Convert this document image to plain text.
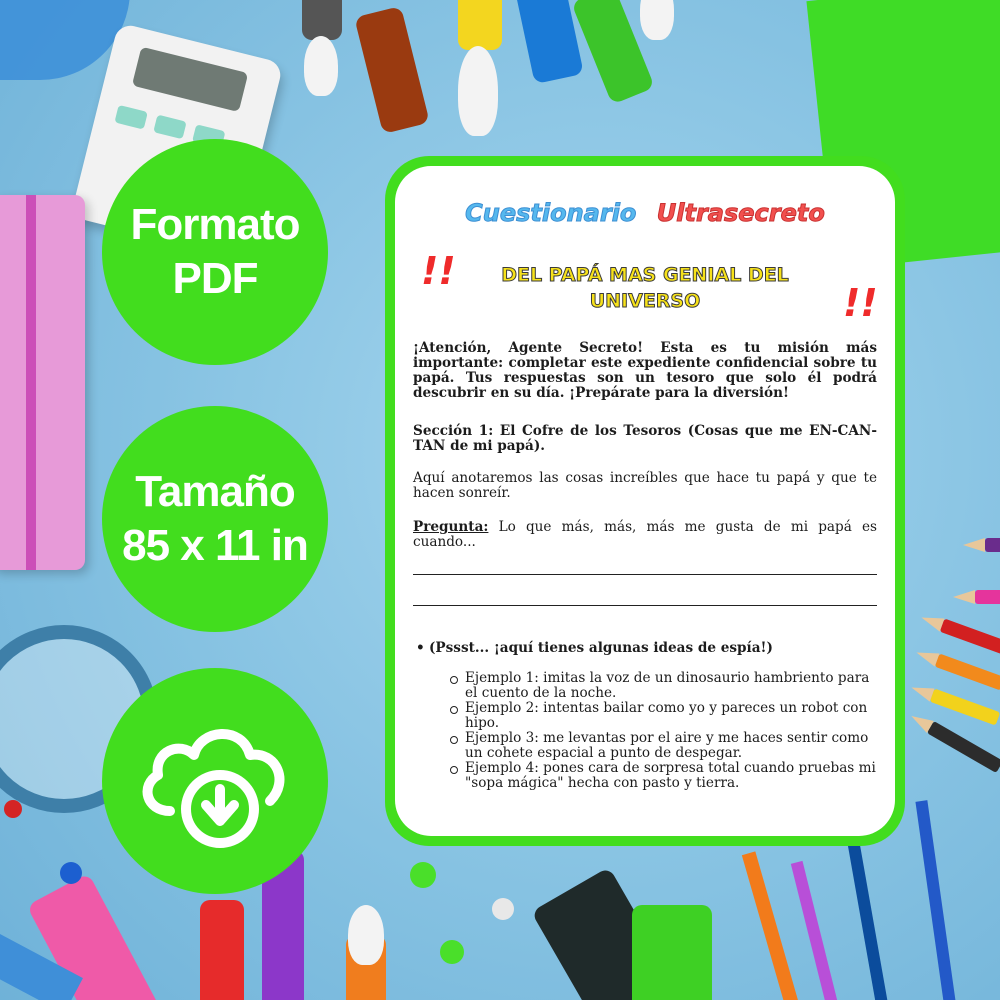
Formato
PDF
Tamaño
85 x 11 in
Cuestionario Ultrasecreto
!!	DEL PAPÁ MAS GENIAL DEL
UNIVERSO	!!
¡Atención, Agente Secreto! Esta es tu misión más importante: completar este expediente confidencial sobre tu papá. Tus respuestas son un tesoro que solo él podrá descubrir en su día. ¡Prepárate para la diversión!
Sección 1: El Cofre de los Tesoros (Cosas que me EN-CAN-TAN de mi papá).
Aquí anotaremos las cosas increíbles que hace tu papá y que te hacen sonreír.
Pregunta: Lo que más, más, más me gusta de mi papá es cuando...
• (Pssst... ¡aquí tienes algunas ideas de espía!)
Ejemplo 1: imitas la voz de un dinosaurio hambriento para el cuento de la noche.
Ejemplo 2: intentas bailar como yo y pareces un robot con hipo.
Ejemplo 3: me levantas por el aire y me haces sentir como un cohete espacial a punto de despegar.
Ejemplo 4: pones cara de sorpresa total cuando pruebas mi "sopa mágica" hecha con pasto y tierra.
